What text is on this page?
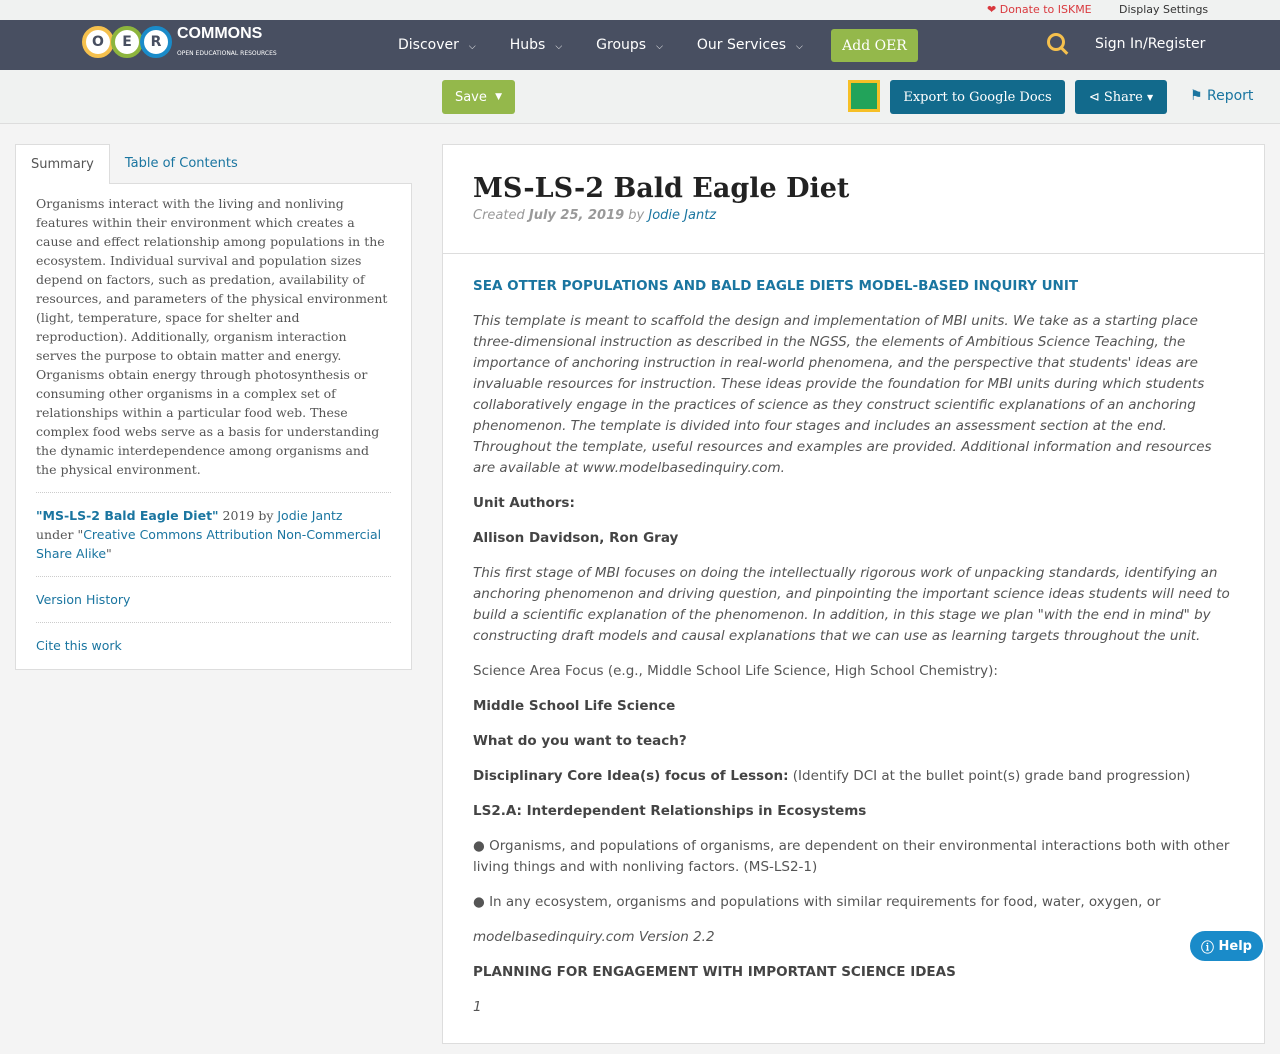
❤ Donate to ISKME Display Settings
O	E	R COMMONS
OPEN EDUCATIONAL RESOURCES
Discover ⌵ Hubs ⌵ Groups ⌵ Our Services ⌵	Add OER	Sign In/Register
Save
▼	Export to Google Docs	⊲
Share
▼	⚑ Report
Summary	Table of Contents

Organisms interact with the living and nonliving features within their environment which creates a cause and effect relationship among populations in the ecosystem. Individual survival and population sizes depend on factors, such as predation, availability of resources, and parameters of the physical environment (light, temperature, space for shelter and reproduction). Additionally, organism interaction serves the purpose to obtain matter and energy. Organisms obtain energy through photosynthesis or consuming other organisms in a complex set of relationships within a particular food web. These complex food webs serve as a basis for understanding the dynamic interdependence among organisms and the physical environment.

"MS-LS-2 Bald Eagle Diet" 2019 by Jodie Jantz
under "Creative Commons Attribution Non-Commercial Share Alike"

Version History
Cite this work
MS-LS-2 Bald Eagle Diet
Created July 25, 2019 by Jodie Jantz

SEA OTTER POPULATIONS AND BALD EAGLE DIETS MODEL-BASED INQUIRY UNIT

This template is meant to scaffold the design and implementation of MBI units. We take as a starting place three-dimensional instruction as described in the NGSS, the elements of Ambitious Science Teaching, the importance of anchoring instruction in real-world phenomena, and the perspective that students' ideas are invaluable resources for instruction. These ideas provide the foundation for MBI units during which students collaboratively engage in the practices of science as they construct scientific explanations of an anchoring phenomenon. The template is divided into four stages and includes an assessment section at the end. Throughout the template, useful resources and examples are provided. Additional information and resources are available at www.modelbasedinquiry.com.

Unit Authors:

Allison Davidson, Ron Gray

This first stage of MBI focuses on doing the intellectually rigorous work of unpacking standards, identifying an anchoring phenomenon and driving question, and pinpointing the important science ideas students will need to build a scientific explanation of the phenomenon. In addition, in this stage we plan "with the end in mind" by constructing draft models and causal explanations that we can use as learning targets throughout the unit.

Science Area Focus (e.g., Middle School Life Science, High School Chemistry):

Middle School Life Science

What do you want to teach?

Disciplinary Core Idea(s) focus of Lesson: (Identify DCI at the bullet point(s) grade band progression)

LS2.A: Interdependent Relationships in Ecosystems

● Organisms, and populations of organisms, are dependent on their environmental interactions both with other living things and with nonliving factors. (MS-LS2-1)

● In any ecosystem, organisms and populations with similar requirements for food, water, oxygen, or

modelbasedinquiry.com Version 2.2

PLANNING FOR ENGAGEMENT WITH IMPORTANT SCIENCE IDEAS

1

ⓘ
Help
